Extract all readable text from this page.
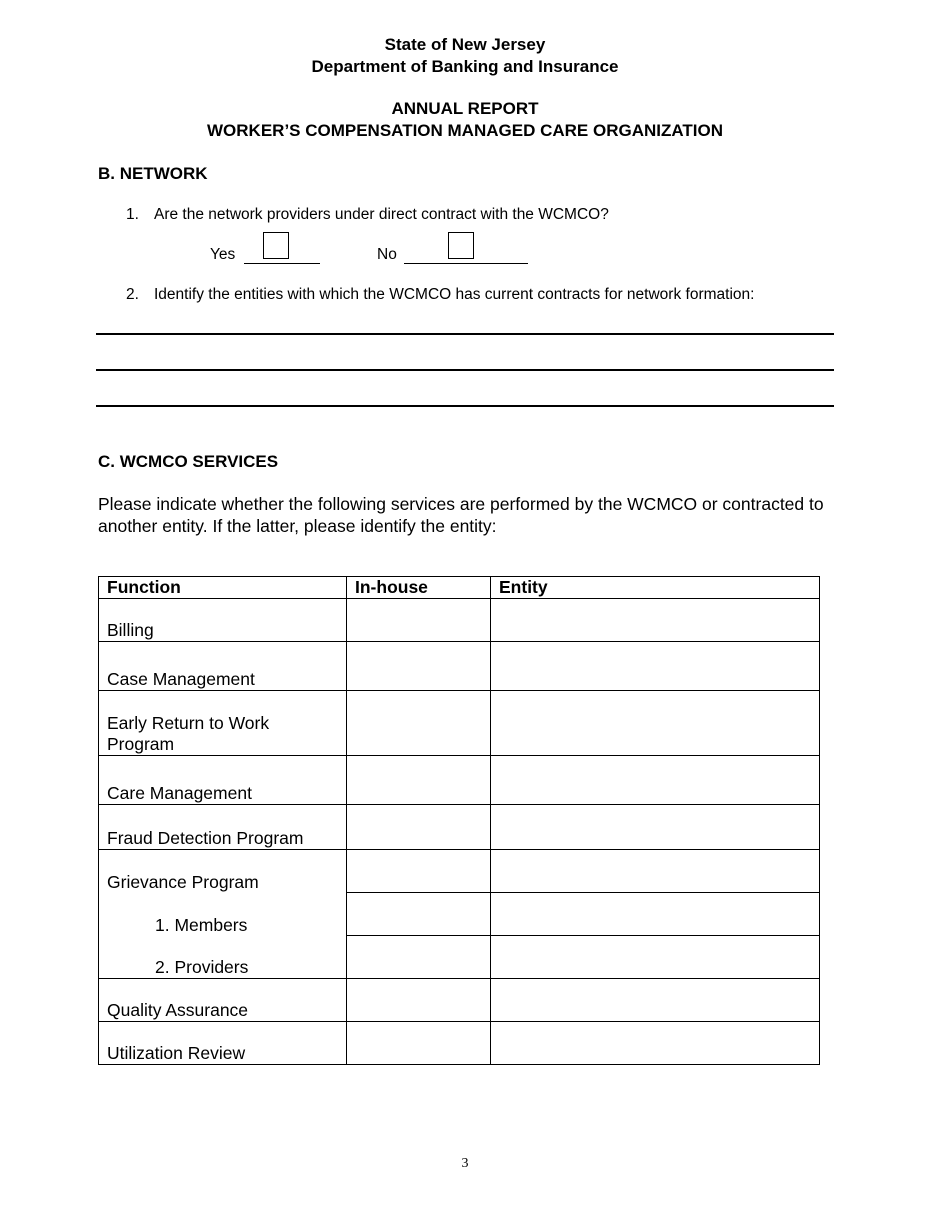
State of New Jersey
Department of Banking and Insurance
ANNUAL REPORT
WORKER’S COMPENSATION MANAGED CARE ORGANIZATION
B. NETWORK
1. Are the network providers under direct contract with the WCMCO?
Yes	No
2. Identify the entities with which the WCMCO has current contracts for network formation:
C. WCMCO SERVICES
Please indicate whether the following services are performed by the WCMCO or contracted to another entity. If the latter, please identify the entity:
Function	In-house	Entity
Billing		
Case Management		
Early Return to Work Program		
Care Management		
Fraud Detection Program		
Grievance Program		
1. Members		
2. Providers		
Quality Assurance		
Utilization Review		
3
